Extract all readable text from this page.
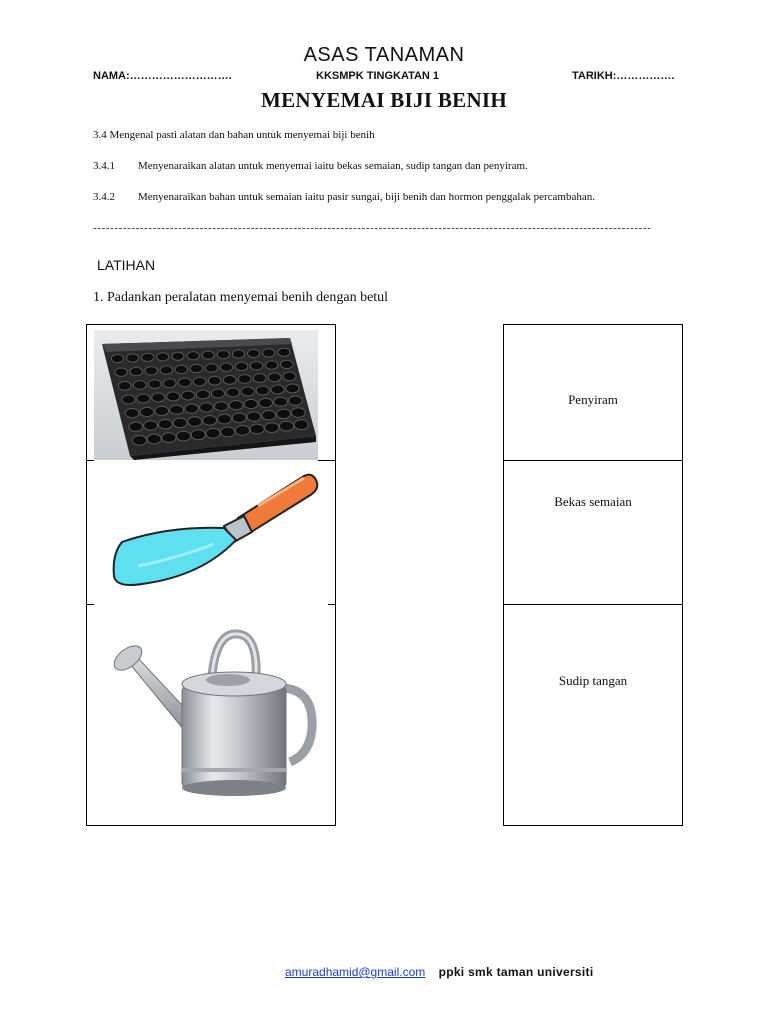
ASAS TANAMAN
NAMA:……………………….	KKSMPK TINGKATAN 1	TARIKH:…………….
MENYEMAI BIJI BENIH
3.4 Mengenal pasti alatan dan bahan untuk menyemai biji benih
3.4.1 Menyenaraikan alatan untuk menyemai iaitu bekas semaian, sudip tangan dan penyiram.
3.4.2 Menyenaraikan bahan untuk semaian iaitu pasir sungai, biji benih dan hormon penggalak percambahan.
-----------------------------------------------------------------------------------------------------------------------------------
LATIHAN
1. Padankan peralatan menyemai benih dengan betul
Penyiram
Bekas semaian
Sudip tangan
amuradhamid@gmail.com ppki smk taman universiti
